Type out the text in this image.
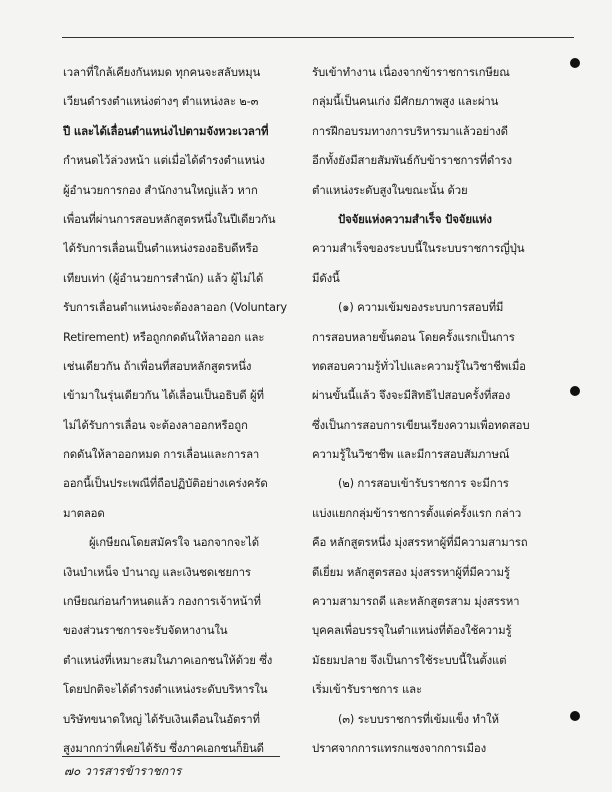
เวลาที่ใกล้เคียงกันหมด ทุกคนจะสลับหมุน
เวียนดำรงตำแหน่งต่างๆ ตำแหน่งละ ๒-๓
ปี และได้เลื่อนตำแหน่งไปตามจังหวะเวลาที่
กำหนดไว้ล่วงหน้า แต่เมื่อได้ดำรงตำแหน่ง
ผู้อำนวยการกอง สำนักงานใหญ่แล้ว หาก
เพื่อนที่ผ่านการสอบหลักสูตรหนึ่งในปีเดียวกัน
ได้รับการเลื่อนเป็นตำแหน่งรองอธิบดีหรือ
เทียบเท่า (ผู้อำนวยการสำนัก) แล้ว ผู้ไม่ได้
รับการเลื่อนตำแหน่งจะต้องลาออก (Voluntary
Retirement) หรือถูกกดดันให้ลาออก และ
เช่นเดียวกัน ถ้าเพื่อนที่สอบหลักสูตรหนึ่ง
เข้ามาในรุ่นเดียวกัน ได้เลื่อนเป็นอธิบดี ผู้ที่
ไม่ได้รับการเลื่อน จะต้องลาออกหรือถูก
กดดันให้ลาออกหมด การเลื่อนและการลา
ออกนี้เป็นประเพณีที่ถือปฏิบัติอย่างเคร่งครัด
มาตลอด
ผู้เกษียณโดยสมัครใจ นอกจากจะได้
เงินบำเหน็จ บำนาญ และเงินชดเชยการ
เกษียณก่อนกำหนดแล้ว กองการเจ้าหน้าที่
ของส่วนราชการจะรับจัดหางานใน
ตำแหน่งที่เหมาะสมในภาคเอกชนให้ด้วย ซึ่ง
โดยปกติจะได้ดำรงตำแหน่งระดับบริหารใน
บริษัทขนาดใหญ่ ได้รับเงินเดือนในอัตราที่
สูงมากกว่าที่เคยได้รับ ซึ่งภาคเอกชนก็ยินดี
รับเข้าทำงาน เนื่องจากข้าราชการเกษียณ
กลุ่มนี้เป็นคนเก่ง มีศักยภาพสูง และผ่าน
การฝึกอบรมทางการบริหารมาแล้วอย่างดี
อีกทั้งยังมีสายสัมพันธ์กับข้าราชการที่ดำรง
ตำแหน่งระดับสูงในขณะนั้น ด้วย
ปัจจัยแห่งความสำเร็จ ปัจจัยแห่ง
ความสำเร็จของระบบนี้ในระบบราชการญี่ปุ่น
มีดังนี้
(๑) ความเข้มของระบบการสอบที่มี
การสอบหลายขั้นตอน โดยครั้งแรกเป็นการ
ทดสอบความรู้ทั่วไปและความรู้ในวิชาชีพเมื่อ
ผ่านขั้นนี้แล้ว จึงจะมีสิทธิไปสอบครั้งที่สอง
ซึ่งเป็นการสอบการเขียนเรียงความเพื่อทดสอบ
ความรู้ในวิชาชีพ และมีการสอบสัมภาษณ์
(๒) การสอบเข้ารับราชการ จะมีการ
แบ่งแยกกลุ่มข้าราชการตั้งแต่ครั้งแรก กล่าว
คือ หลักสูตรหนึ่ง มุ่งสรรหาผู้ที่มีความสามารถ
ดีเยี่ยม หลักสูตรสอง มุ่งสรรหาผู้ที่มีความรู้
ความสามารถดี และหลักสูตรสาม มุ่งสรรหา
บุคคลเพื่อบรรจุในตำแหน่งที่ต้องใช้ความรู้
มัธยมปลาย จึงเป็นการใช้ระบบนี้ในตั้งแต่
เริ่มเข้ารับราชการ และ
(๓) ระบบราชการที่เข้มแข็ง ทำให้
ปราศจากการแทรกแซงจากการเมือง
๗๐ วารสารข้าราชการ
